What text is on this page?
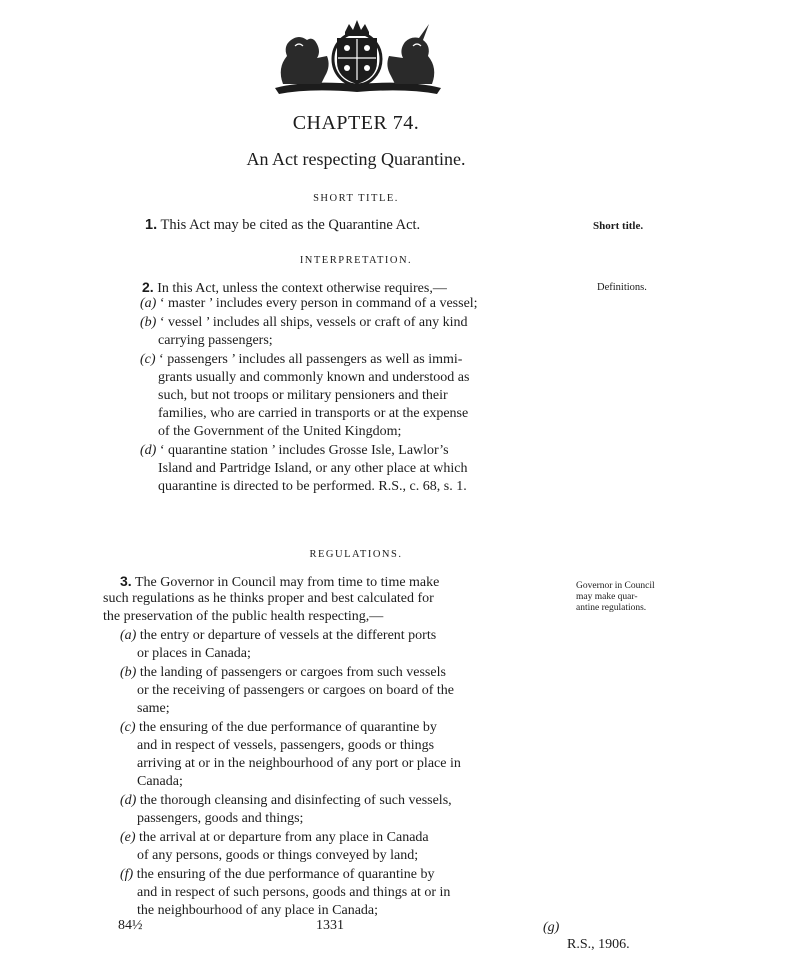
CHAPTER 74.
An Act respecting Quarantine.
SHORT TITLE.
1. This Act may be cited as the Quarantine Act.	Short title.
INTERPRETATION.
2. In this Act, unless the context otherwise requires,—	Definitions.
(a) ‘ master ’ includes every person in command of a vessel;
(b) ‘ vessel ’ includes all ships, vessels or craft of any kind
carrying passengers;
(c) ‘ passengers ’ includes all passengers as well as immi-
grants usually and commonly known and understood as
such, but not troops or military pensioners and their
families, who are carried in transports or at the expense
of the Government of the United Kingdom;
(d) ‘ quarantine station ’ includes Grosse Isle, Lawlor’s
Island and Partridge Island, or any other place at which
quarantine is directed to be performed. R.S., c. 68, s. 1.
REGULATIONS.
3. The Governor in Council may from time to time make
such regulations as he thinks proper and best calculated for
the preservation of the public health respecting,—
Governor in Council may make quar- antine regulations.
(a) the entry or departure of vessels at the different ports
or places in Canada;
(b) the landing of passengers or cargoes from such vessels
or the receiving of passengers or cargoes on board of the
same;
(c) the ensuring of the due performance of quarantine by
and in respect of vessels, passengers, goods or things
arriving at or in the neighbourhood of any port or place in
Canada;
(d) the thorough cleansing and disinfecting of such vessels,
passengers, goods and things;
(e) the arrival at or departure from any place in Canada
of any persons, goods or things conveyed by land;
(f) the ensuring of the due performance of quarantine by
and in respect of such persons, goods and things at or in
the neighbourhood of any place in Canada;
84½	1331	(g)
R.S., 1906.
